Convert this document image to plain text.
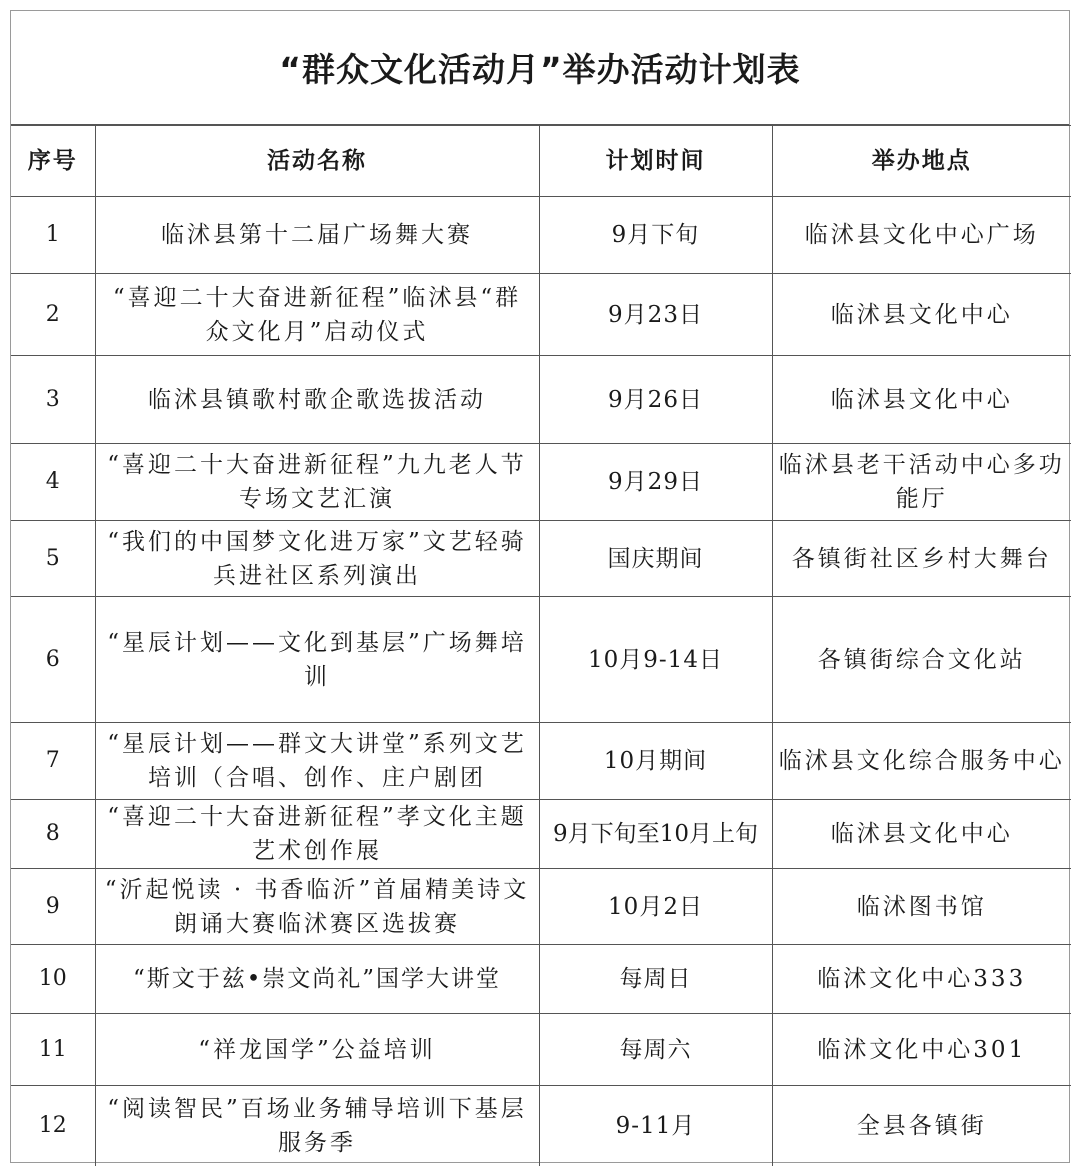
“群众文化活动月”举办活动计划表
序号	活动名称	计划时间	举办地点
1	临沭县第十二届广场舞大赛	9月下旬	临沭县文化中心广场
2	“喜迎二十大奋进新征程”临沭县“群众文化月”启动仪式	9月23日	临沭县文化中心
3	临沭县镇歌村歌企歌选拔活动	9月26日	临沭县文化中心
4	“喜迎二十大奋进新征程”九九老人节专场文艺汇演	9月29日	临沭县老干活动中心多功能厅
5	“我们的中国梦文化进万家”文艺轻骑兵进社区系列演出	国庆期间	各镇街社区乡村大舞台
6	“星辰计划——文化到基层”广场舞培训	10月9-14日	各镇街综合文化站
7	“星辰计划——群文大讲堂”系列文艺培训（合唱、创作、庄户剧团	10月期间	临沭县文化综合服务中心
8	“喜迎二十大奋进新征程”孝文化主题艺术创作展	9月下旬至10月上旬	临沭县文化中心
9	“沂起悦读 · 书香临沂”首届精美诗文朗诵大赛临沭赛区选拔赛	10月2日	临沭图书馆
10	“斯文于兹•崇文尚礼”国学大讲堂	每周日	临沭文化中心333
11	“祥龙国学”公益培训	每周六	临沭文化中心301
12	“阅读智民”百场业务辅导培训下基层服务季	9-11月	全县各镇街
